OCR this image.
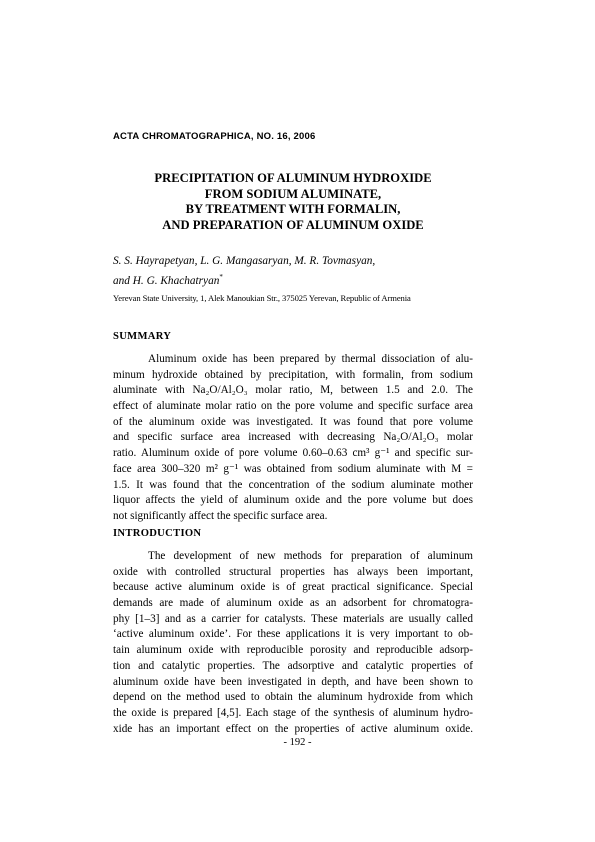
ACTA CHROMATOGRAPHICA, NO. 16, 2006
PRECIPITATION OF ALUMINUM HYDROXIDE
FROM SODIUM ALUMINATE,
BY TREATMENT WITH FORMALIN,
AND PREPARATION OF ALUMINUM OXIDE
S. S. Hayrapetyan, L. G. Mangasaryan, M. R. Tovmasyan,
and H. G. Khachatryan*
Yerevan State University, 1, Alek Manoukian Str., 375025 Yerevan, Republic of Armenia
SUMMARY
Aluminum oxide has been prepared by thermal dissociation of alu-
minum hydroxide obtained by precipitation, with formalin, from sodium
aluminate with Na₂O/Al₂O₃ molar ratio, M, between 1.5 and 2.0. The
effect of aluminate molar ratio on the pore volume and specific surface area
of the aluminum oxide was investigated. It was found that pore volume
and specific surface area increased with decreasing Na₂O/Al₂O₃ molar
ratio. Aluminum oxide of pore volume 0.60–0.63 cm³ g⁻¹ and specific sur-
face area 300–320 m² g⁻¹ was obtained from sodium aluminate with M =
1.5. It was found that the concentration of the sodium aluminate mother
liquor affects the yield of aluminum oxide and the pore volume but does
not significantly affect the specific surface area.
INTRODUCTION
The development of new methods for preparation of aluminum
oxide with controlled structural properties has always been important,
because active aluminum oxide is of great practical significance. Special
demands are made of aluminum oxide as an adsorbent for chromatogra-
phy [1–3] and as a carrier for catalysts. These materials are usually called
‘active aluminum oxide’. For these applications it is very important to ob-
tain aluminum oxide with reproducible porosity and reproducible adsorp-
tion and catalytic properties. The adsorptive and catalytic properties of
aluminum oxide have been investigated in depth, and have been shown to
depend on the method used to obtain the aluminum hydroxide from which
the oxide is prepared [4,5]. Each stage of the synthesis of aluminum hydro-
xide has an important effect on the properties of active aluminum oxide.
- 192 -
